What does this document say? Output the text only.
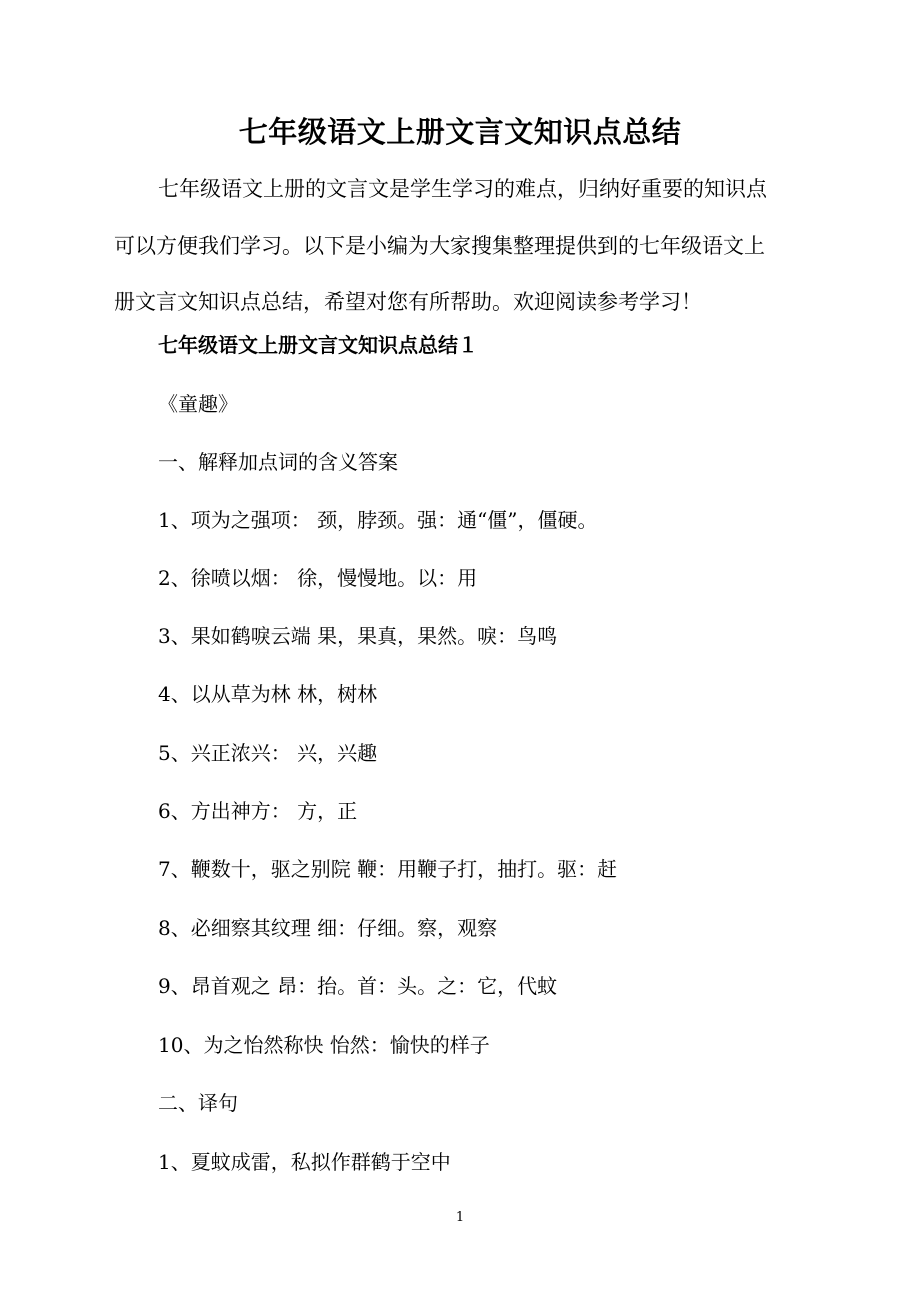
七年级语文上册文言文知识点总结

七年级语文上册的文言文是学生学习的难点，归纳好重要的知识点
可以方便我们学习。以下是小编为大家搜集整理提供到的七年级语文上
册文言文知识点总结，希望对您有所帮助。欢迎阅读参考学习！

七年级语文上册文言文知识点总结１
《童趣》
一、解释加点词的含义答案
1、项为之强项： 颈，脖颈。强：通“僵”，僵硬。
2、徐喷以烟： 徐，慢慢地。以：用
3、果如鹤唳云端 果，果真，果然。唳：鸟鸣
4、以从草为林 林，树林
5、兴正浓兴： 兴，兴趣
6、方出神方： 方，正
7、鞭数十，驱之别院 鞭：用鞭子打，抽打。驱：赶
8、必细察其纹理 细：仔细。察，观察
9、昂首观之 昂：抬。首：头。之：它，代蚊
10、为之怡然称快 怡然：愉快的样子
二、译句
1、夏蚊成雷，私拟作群鹤于空中
1
